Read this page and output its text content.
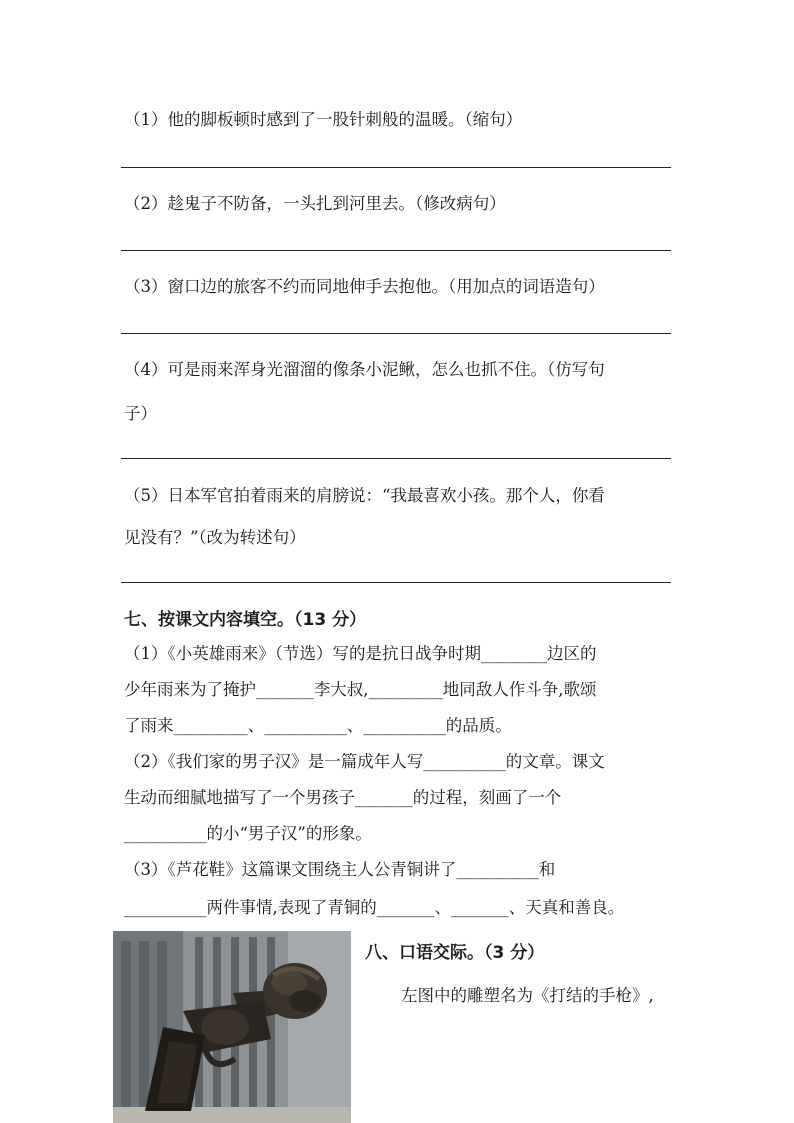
（1）他的脚板顿时感到了一股针刺般的温暖。（缩句）
（2）趁鬼子不防备，一头扎到河里去。（修改病句）
（3）窗口边的旅客不约而同地伸手去抱他。（用加点的词语造句）
（4）可是雨来浑身光溜溜的像条小泥鳅，怎么也抓不住。（仿写句
子）
（5）日本军官拍着雨来的肩膀说：“我最喜欢小孩。那个人，你看
见没有？”（改为转述句）
七、按课文内容填空。（13 分）
（1）《小英雄雨来》（节选）写的是抗日战争时期________边区的
少年雨来为了掩护_______李大叔,_________地同敌人作斗争,歌颂
了雨来_________、__________、__________的品质。
（2）《我们家的男子汉》是一篇成年人写__________的文章。课文
生动而细腻地描写了一个男孩子_______的过程，刻画了一个
__________的小“男子汉”的形象。
（3）《芦花鞋》这篇课文围绕主人公青铜讲了__________和
__________两件事情,表现了青铜的_______、_______、天真和善良。
八、口语交际。（3 分）
左图中的雕塑名为《打结的手枪》,
